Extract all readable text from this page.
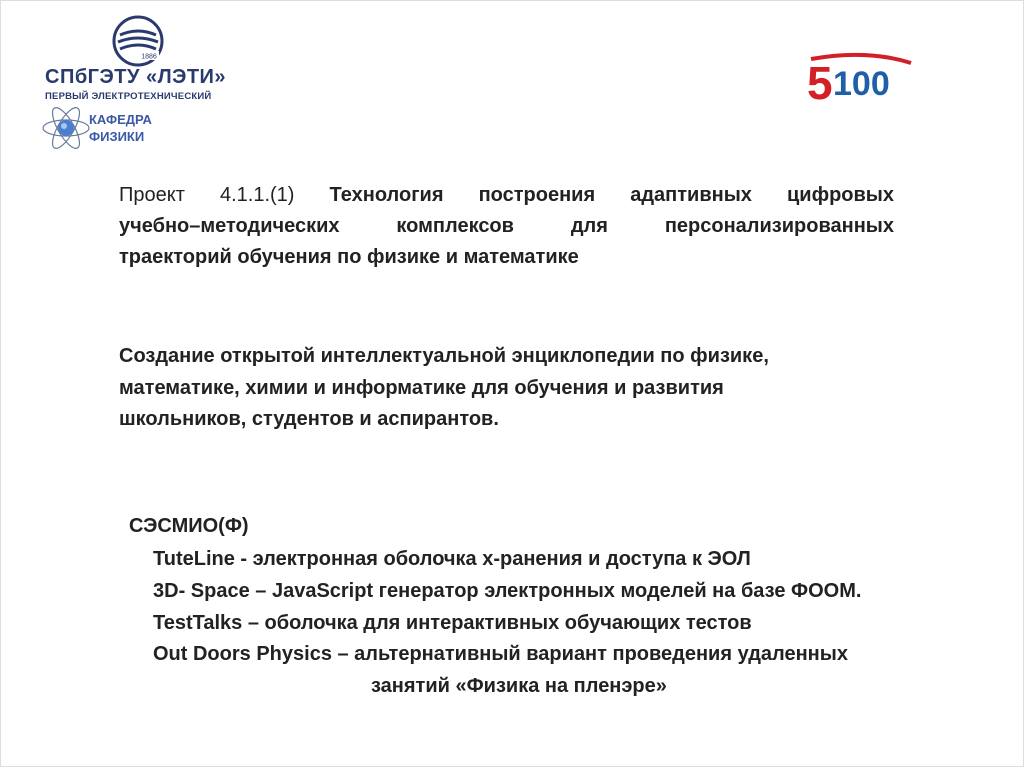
1886
СПбГЭТУ «ЛЭТИ»
ПЕРВЫЙ ЭЛЕКТРОТЕХНИЧЕСКИЙ
КАФЕДРА
ФИЗИКИ
5 100
Проект 4.1.1.(1) Технология построения адаптивных цифровых
учебно–методических комплексов для персонализированных
траекторий обучения по физике и математике
Создание открытой интеллектуальной энциклопедии по физике,
математике, химии и информатике для обучения и развития
школьников, студентов и аспирантов.
СЭСМИО(Ф)
TuteLine - электронная оболочка х-ранения и доступа к ЭОЛ
3D- Space – JavaScript генератор электронных моделей на базе ФООМ.
TestTalks – оболочка для интерактивных обучающих тестов
Out Doors Physics – альтернативный вариант проведения удаленных
занятий «Физика на пленэре»
